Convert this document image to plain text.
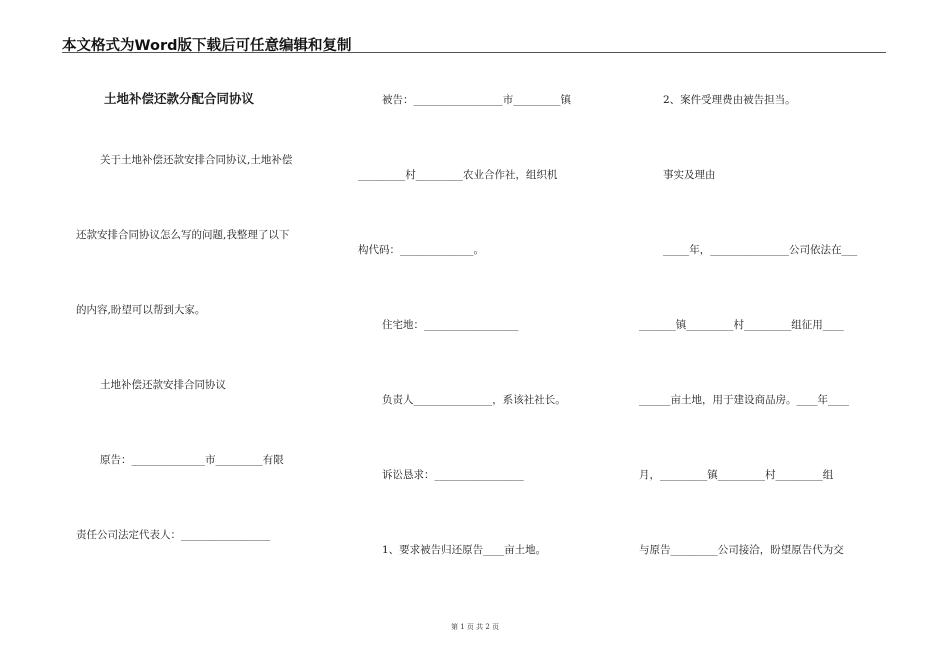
本文格式为Word版下载后可任意编辑和复制
土地补偿还款分配合同协议
关于土地补偿还款安排合同协议,土地补偿
还款安排合同协议怎么写的问题,我整理了以下
的内容,盼望可以帮到大家。
土地补偿还款安排合同协议
原告：______________市_________有限
责任公司法定代表人：_________________
被告：_________________市_________镇
_________村_________农业合作社，组织机
构代码：______________。
住宅地：__________________
负责人_______________，系该社社长。
诉讼恳求：_________________
1、要求被告归还原告____亩土地。
2、案件受理费由被告担当。
事实及理由
_____年，_______________公司依法在___
_______镇_________村_________组征用____
______亩土地，用于建设商品房。____年____
月，_________镇_________村_________组
与原告_________公司接洽，盼望原告代为交
第 1 页 共 2 页
